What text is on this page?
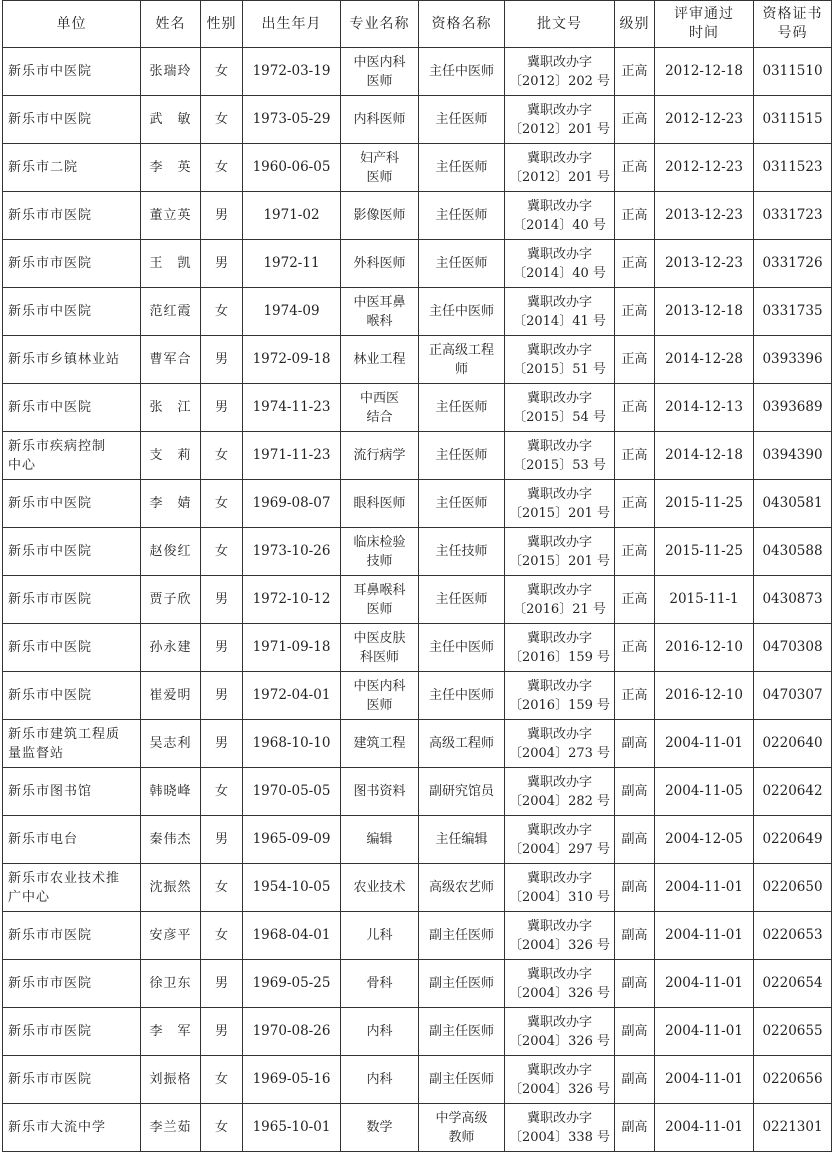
单位	姓名	性别	出生年月	专业名称	资格名称	批文号	级别	评审通过
时间	资格证书
号码

新乐市中医院	张瑞玲	女	1972-03-19	中医内科
医师	主任中医师	冀职改办字
〔2012〕202 号	正高	2012-12-18	0311510

新乐市中医院	武　敏	女	1973-05-29	内科医师	主任医师	冀职改办字
〔2012〕201 号	正高	2012-12-23	0311515

新乐市二院	李　英	女	1960-06-05	妇产科
医师	主任医师	冀职改办字
〔2012〕201 号	正高	2012-12-23	0311523

新乐市市医院	董立英	男	1971-02	影像医师	主任医师	冀职改办字
〔2014〕40 号	正高	2013-12-23	0331723

新乐市市医院	王　凯	男	1972-11	外科医师	主任医师	冀职改办字
〔2014〕40 号	正高	2013-12-23	0331726

新乐市中医院	范红霞	女	1974-09	中医耳鼻
喉科	主任中医师	冀职改办字
〔2014〕41 号	正高	2013-12-18	0331735

新乐市乡镇林业站	曹军合	男	1972-09-18	林业工程	正高级工程
师	冀职改办字
〔2015〕51 号	正高	2014-12-28	0393396

新乐市中医院	张　江	男	1974-11-23	中西医
结合	主任医师	冀职改办字
〔2015〕54 号	正高	2014-12-13	0393689

新乐市疾病控制
中心	支　莉	女	1971-11-23	流行病学	主任医师	冀职改办字
〔2015〕53 号	正高	2014-12-18	0394390

新乐市中医院	李　婧	女	1969-08-07	眼科医师	主任医师	冀职改办字
〔2015〕201 号	正高	2015-11-25	0430581

新乐市中医院	赵俊红	女	1973-10-26	临床检验
技师	主任技师	冀职改办字
〔2015〕201 号	正高	2015-11-25	0430588

新乐市市医院	贾子欣	男	1972-10-12	耳鼻喉科
医师	主任医师	冀职改办字
〔2016〕21 号	正高	2015-11-1	0430873

新乐市中医院	孙永建	男	1971-09-18	中医皮肤
科医师	主任中医师	冀职改办字
〔2016〕159 号	正高	2016-12-10	0470308

新乐市中医院	崔爱明	男	1972-04-01	中医内科
医师	主任中医师	冀职改办字
〔2016〕159 号	正高	2016-12-10	0470307

新乐市建筑工程质
量监督站	吴志利	男	1968-10-10	建筑工程	高级工程师	冀职改办字
〔2004〕273 号	副高	2004-11-01	0220640

新乐市图书馆	韩晓峰	女	1970-05-05	图书资料	副研究馆员	冀职改办字
〔2004〕282 号	副高	2004-11-05	0220642

新乐市电台	秦伟杰	男	1965-09-09	编辑	主任编辑	冀职改办字
〔2004〕297 号	副高	2004-12-05	0220649

新乐市农业技术推
广中心	沈振然	女	1954-10-05	农业技术	高级农艺师	冀职改办字
〔2004〕310 号	副高	2004-11-01	0220650

新乐市市医院	安彦平	女	1968-04-01	儿科	副主任医师	冀职改办字
〔2004〕326 号	副高	2004-11-01	0220653

新乐市市医院	徐卫东	男	1969-05-25	骨科	副主任医师	冀职改办字
〔2004〕326 号	副高	2004-11-01	0220654

新乐市市医院	李　军	男	1970-08-26	内科	副主任医师	冀职改办字
〔2004〕326 号	副高	2004-11-01	0220655

新乐市市医院	刘振格	女	1969-05-16	内科	副主任医师	冀职改办字
〔2004〕326 号	副高	2004-11-01	0220656

新乐市大流中学	李兰茹	女	1965-10-01	数学	中学高级
教师	冀职改办字
〔2004〕338 号	副高	2004-11-01	0221301
